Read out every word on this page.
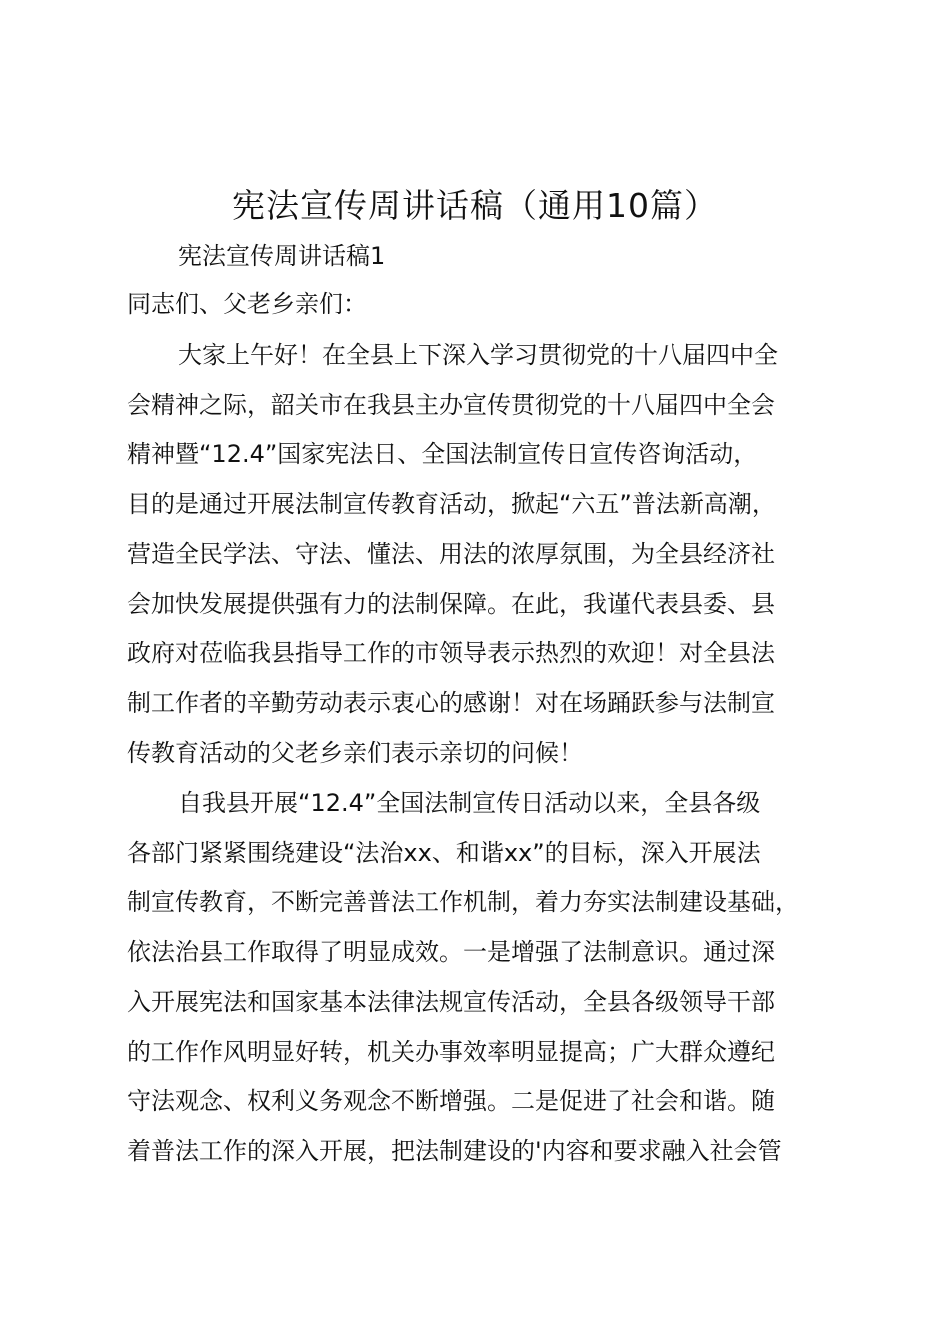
宪法宣传周讲话稿（通用10篇）

宪法宣传周讲话稿1

同志们、父老乡亲们：

大家上午好！在全县上下深入学习贯彻党的十八届四中全
会精神之际，韶关市在我县主办宣传贯彻党的十八届四中全会
精神暨“12.4”国家宪法日、全国法制宣传日宣传咨询活动，
目的是通过开展法制宣传教育活动，掀起“六五”普法新高潮，
营造全民学法、守法、懂法、用法的浓厚氛围，为全县经济社
会加快发展提供强有力的法制保障。在此，我谨代表县委、县
政府对莅临我县指导工作的市领导表示热烈的欢迎！对全县法
制工作者的辛勤劳动表示衷心的感谢！对在场踊跃参与法制宣
传教育活动的父老乡亲们表示亲切的问候！
自我县开展“12.4”全国法制宣传日活动以来，全县各级
各部门紧紧围绕建设“法治xx、和谐xx”的目标，深入开展法
制宣传教育，不断完善普法工作机制，着力夯实法制建设基础，
依法治县工作取得了明显成效。一是增强了法制意识。通过深
入开展宪法和国家基本法律法规宣传活动，全县各级领导干部
的工作作风明显好转，机关办事效率明显提高；广大群众遵纪
守法观念、权利义务观念不断增强。二是促进了社会和谐。随
着普法工作的深入开展，把法制建设的'内容和要求融入社会管
